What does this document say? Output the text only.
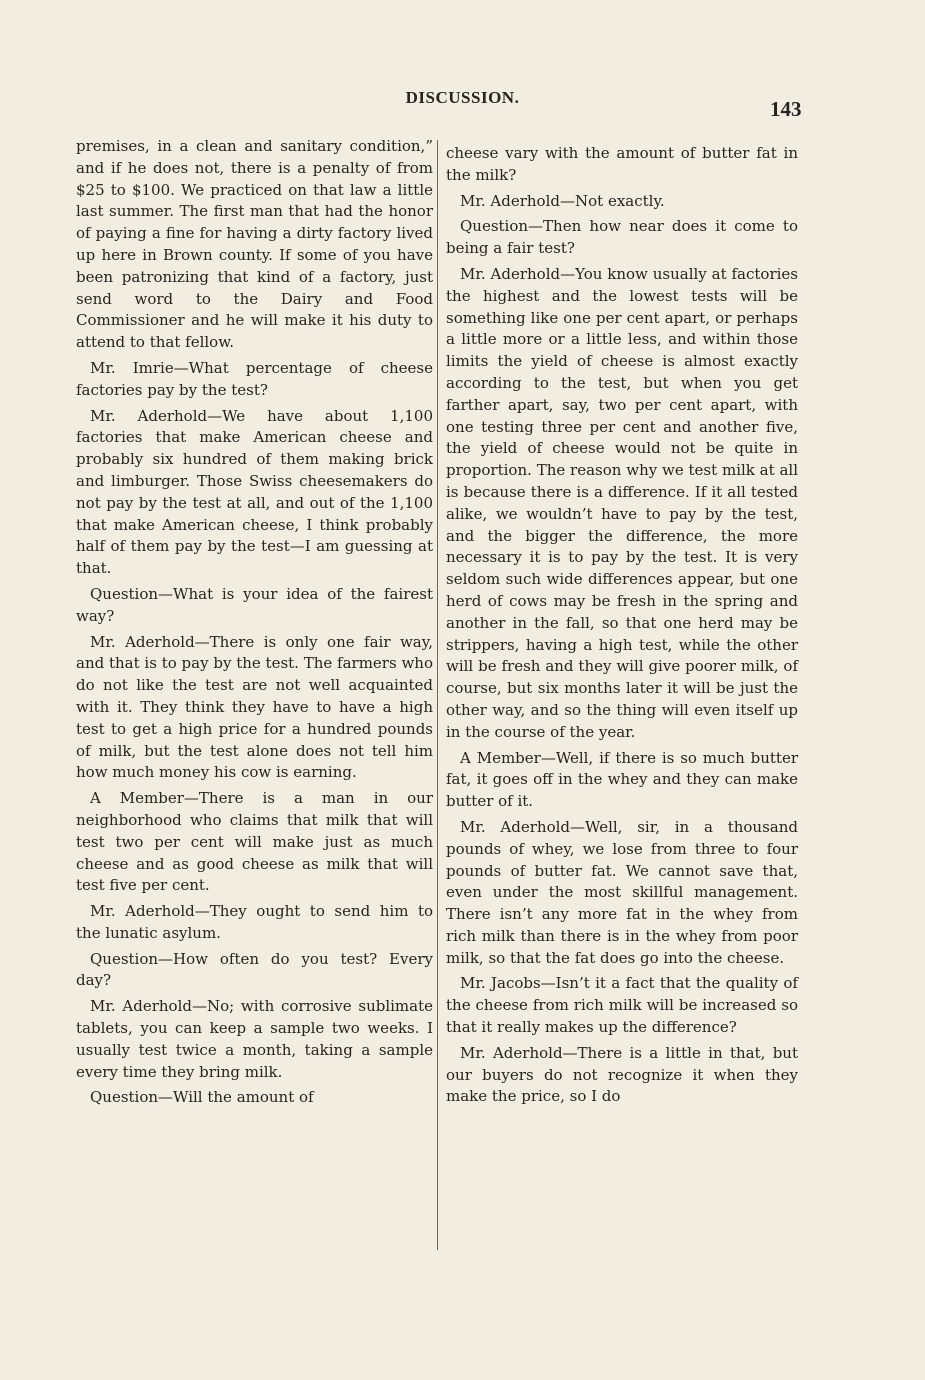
DISCUSSION.	143

premises, in a clean and sanitary condition,” and if he does not, there is a penalty of from $25 to $100. We practiced on that law a little last summer. The first man that had the honor of paying a fine for having a dirty factory lived up here in Brown county. If some of you have been patronizing that kind of a factory, just send word to the Dairy and Food Commissioner and he will make it his duty to attend to that fellow.

Mr. Imrie—What percentage of cheese factories pay by the test?

Mr. Aderhold—We have about 1,100 factories that make American cheese and probably six hundred of them making brick and limburger. Those Swiss cheesemakers do not pay by the test at all, and out of the 1,100 that make American cheese, I think probably half of them pay by the test—I am guessing at that.

Question—What is your idea of the fairest way?

Mr. Aderhold—There is only one fair way, and that is to pay by the test. The farmers who do not like the test are not well acquainted with it. They think they have to have a high test to get a high price for a hundred pounds of milk, but the test alone does not tell him how much money his cow is earning.

A Member—There is a man in our neighborhood who claims that milk that will test two per cent will make just as much cheese and as good cheese as milk that will test five per cent.

Mr. Aderhold—They ought to send him to the lunatic asylum.

Question—How often do you test? Every day?

Mr. Aderhold—No; with corrosive sublimate tablets, you can keep a sample two weeks. I usually test twice a month, taking a sample every time they bring milk.

Question—Will the amount of

cheese vary with the amount of butter fat in the milk?

Mr. Aderhold—Not exactly.

Question—Then how near does it come to being a fair test?

Mr. Aderhold—You know usually at factories the highest and the lowest tests will be something like one per cent apart, or perhaps a little more or a little less, and within those limits the yield of cheese is almost exactly according to the test, but when you get farther apart, say, two per cent apart, with one testing three per cent and another five, the yield of cheese would not be quite in proportion. The reason why we test milk at all is because there is a difference. If it all tested alike, we wouldn’t have to pay by the test, and the bigger the difference, the more necessary it is to pay by the test. It is very seldom such wide differences appear, but one herd of cows may be fresh in the spring and another in the fall, so that one herd may be strippers, having a high test, while the other will be fresh and they will give poorer milk, of course, but six months later it will be just the other way, and so the thing will even itself up in the course of the year.

A Member—Well, if there is so much butter fat, it goes off in the whey and they can make butter of it.

Mr. Aderhold—Well, sir, in a thousand pounds of whey, we lose from three to four pounds of butter fat. We cannot save that, even under the most skillful management. There isn’t any more fat in the whey from rich milk than there is in the whey from poor milk, so that the fat does go into the cheese.

Mr. Jacobs—Isn’t it a fact that the quality of the cheese from rich milk will be increased so that it really makes up the difference?

Mr. Aderhold—There is a little in that, but our buyers do not recognize it when they make the price, so I do
